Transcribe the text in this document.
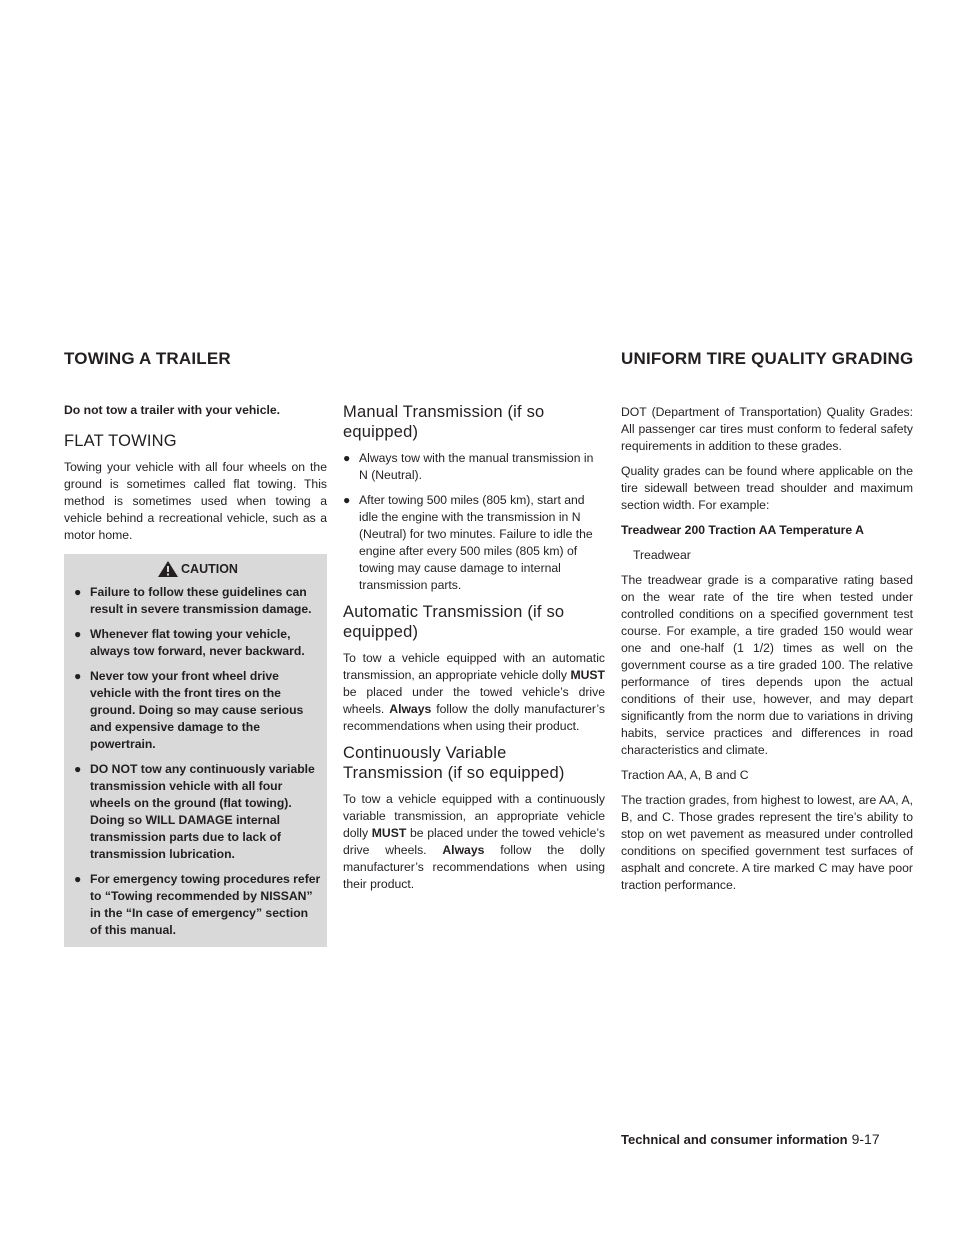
TOWING A TRAILER	UNIFORM TIRE QUALITY GRADING

Do not tow a trailer with your vehicle.

FLAT TOWING

Towing your vehicle with all four wheels on the ground is sometimes called flat towing. This method is sometimes used when towing a vehicle behind a recreational vehicle, such as a motor home.

CAUTION
● Failure to follow these guidelines can result in severe transmission damage.
● Whenever flat towing your vehicle, always tow forward, never backward.
● Never tow your front wheel drive vehicle with the front tires on the ground. Doing so may cause serious and expensive damage to the powertrain.
● DO NOT tow any continuously variable transmission vehicle with all four wheels on the ground (flat towing). Doing so WILL DAMAGE internal transmission parts due to lack of transmission lubrication.
● For emergency towing procedures refer to “Towing recommended by NISSAN” in the “In case of emergency” section of this manual.
Manual Transmission (if so equipped)
● Always tow with the manual transmission in N (Neutral).
● After towing 500 miles (805 km), start and idle the engine with the transmission in N (Neutral) for two minutes. Failure to idle the engine after every 500 miles (805 km) of towing may cause damage to internal transmission parts.
Automatic Transmission (if so equipped)

To tow a vehicle equipped with an automatic transmission, an appropriate vehicle dolly MUST be placed under the towed vehicle’s drive wheels. Always follow the dolly manufacturer’s recommendations when using their product.

Continuously Variable Transmission (if so equipped)

To tow a vehicle equipped with a continuously variable transmission, an appropriate vehicle dolly MUST be placed under the towed vehicle’s drive wheels. Always follow the dolly manufacturer’s recommendations when using their product.

DOT (Department of Transportation) Quality Grades: All passenger car tires must conform to federal safety requirements in addition to these grades.

Quality grades can be found where applicable on the tire sidewall between tread shoulder and maximum section width. For example:

Treadwear 200 Traction AA Temperature A

Treadwear

The treadwear grade is a comparative rating based on the wear rate of the tire when tested under controlled conditions on a specified government test course. For example, a tire graded 150 would wear one and one-half (1 1/2) times as well on the government course as a tire graded 100. The relative performance of tires depends upon the actual conditions of their use, however, and may depart significantly from the norm due to variations in driving habits, service practices and differences in road characteristics and climate.

Traction AA, A, B and C

The traction grades, from highest to lowest, are AA, A, B, and C. Those grades represent the tire’s ability to stop on wet pavement as measured under controlled conditions on specified government test surfaces of asphalt and concrete. A tire marked C may have poor traction performance.

Technical and consumer information 9-17
